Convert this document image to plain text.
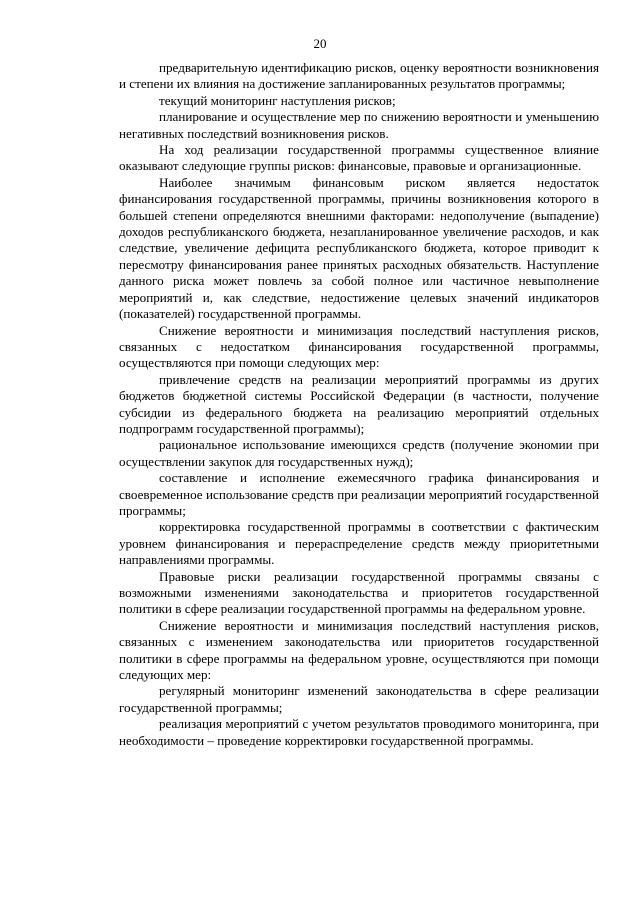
20

предварительную идентификацию рисков, оценку вероятности возникновения и степени их влияния на достижение запланированных результатов программы;

текущий мониторинг наступления рисков;

планирование и осуществление мер по снижению вероятности и уменьшению негативных последствий возникновения рисков.

На ход реализации государственной программы существенное влияние оказывают следующие группы рисков: финансовые, правовые и организационные.

Наиболее значимым финансовым риском является недостаток финансирования государственной программы, причины возникновения которого в большей степени определяются внешними факторами: недополучение (выпадение) доходов республиканского бюджета, незапланированное увеличение расходов, и как следствие, увеличение дефицита республиканского бюджета, которое приводит к пересмотру финансирования ранее принятых расходных обязательств. Наступление данного риска может повлечь за собой полное или частичное невыполнение мероприятий и, как следствие, недостижение целевых значений индикаторов (показателей) государственной программы.

Снижение вероятности и минимизация последствий наступления рисков, связанных с недостатком финансирования государственной программы, осуществляются при помощи следующих мер:

привлечение средств на реализации мероприятий программы из других бюджетов бюджетной системы Российской Федерации (в частности, получение субсидии из федерального бюджета на реализацию мероприятий отдельных подпрограмм государственной программы);

рациональное использование имеющихся средств (получение экономии при осуществлении закупок для государственных нужд);

составление и исполнение ежемесячного графика финансирования и своевременное использование средств при реализации мероприятий государственной программы;

корректировка государственной программы в соответствии с фактическим уровнем финансирования и перераспределение средств между приоритетными направлениями программы.

Правовые риски реализации государственной программы связаны с возможными изменениями законодательства и приоритетов государственной политики в сфере реализации государственной программы на федеральном уровне.

Снижение вероятности и минимизация последствий наступления рисков, связанных с изменением законодательства или приоритетов государственной политики в сфере программы на федеральном уровне, осуществляются при помощи следующих мер:

регулярный мониторинг изменений законодательства в сфере реализации государственной программы;

реализация мероприятий с учетом результатов проводимого мониторинга, при необходимости – проведение корректировки государственной программы.
